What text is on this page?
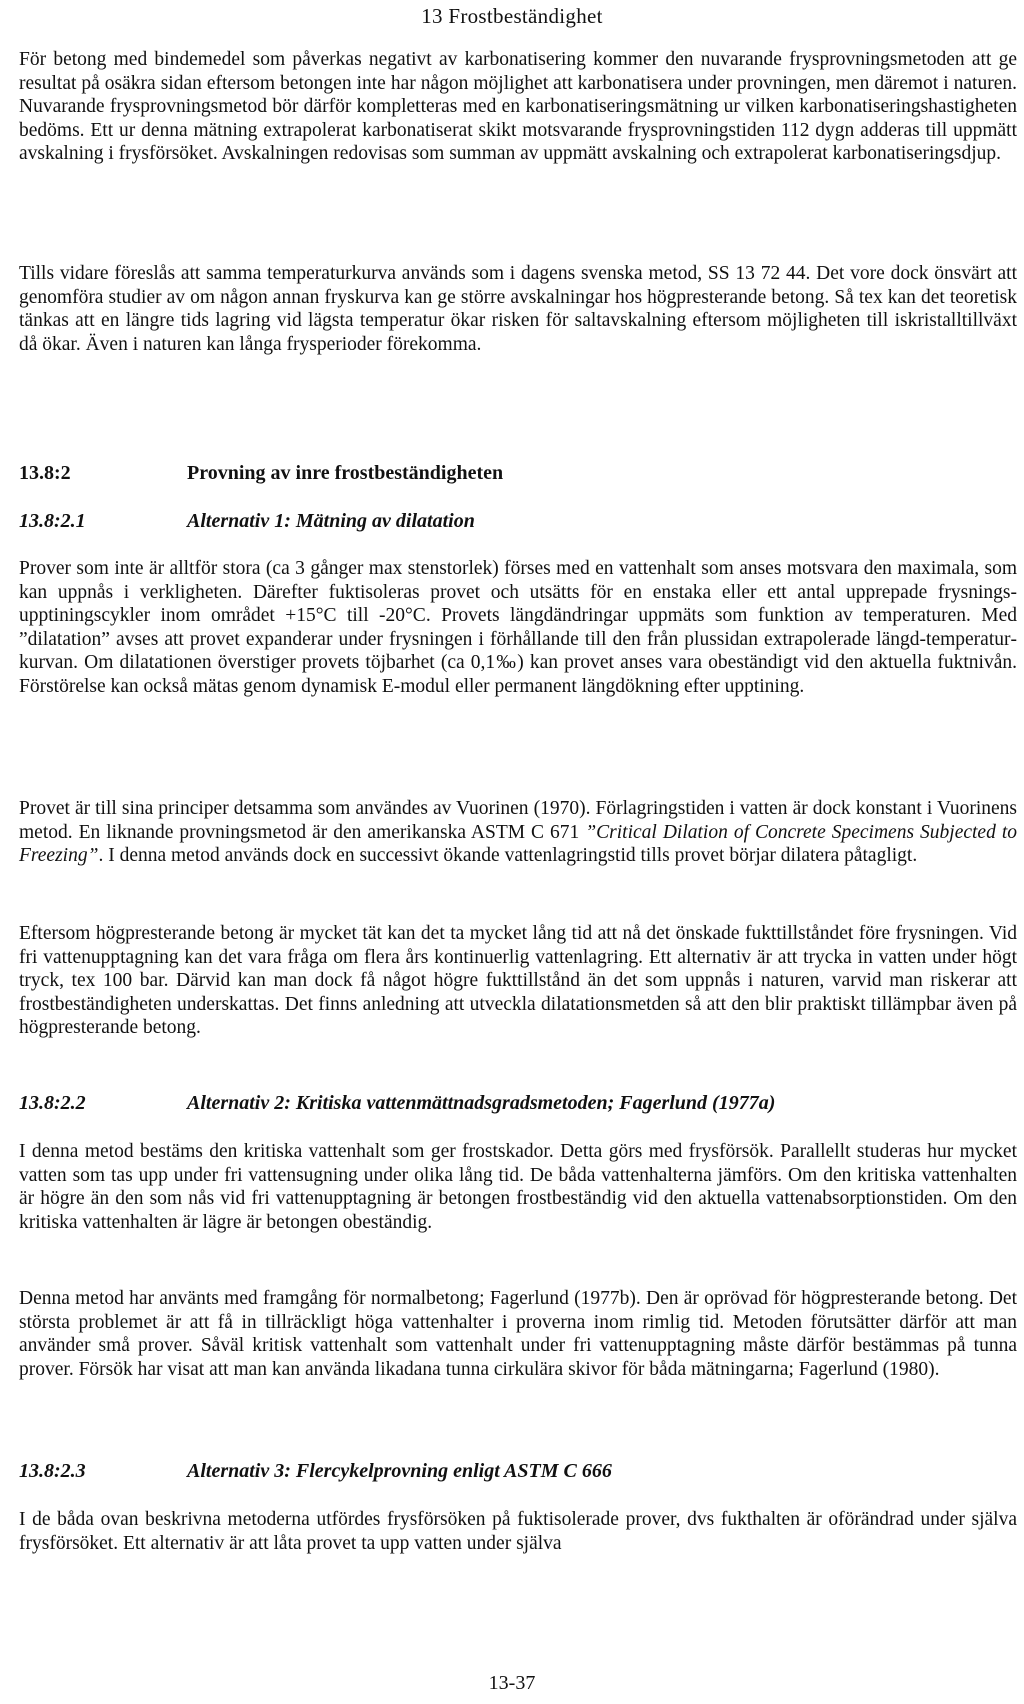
13 Frostbeständighet

För betong med bindemedel som påverkas negativt av karbonatisering kommer den nuvarande frysprovningsmetoden att ge resultat på osäkra sidan eftersom betongen inte har någon möjlighet att karbonatisera under provningen, men däremot i naturen. Nuvarande frysprovningsmetod bör därför kompletteras med en karbonatiseringsmätning ur vilken karbonatiseringshastigheten bedöms. Ett ur denna mätning extrapolerat karbonatiserat skikt motsvarande frysprovningstiden 112 dygn adderas till uppmätt avskalning i frysförsöket. Avskalningen redovisas som summan av uppmätt avskalning och extrapolerat karbonatiseringsdjup.

Tills vidare föreslås att samma temperaturkurva används som i dagens svenska metod, SS 13 72 44. Det vore dock önsvärt att genomföra studier av om någon annan fryskurva kan ge större avskalningar hos högpresterande betong. Så tex kan det teoretisk tänkas att en längre tids lagring vid lägsta temperatur ökar risken för saltavskalning eftersom möjligheten till iskristalltillväxt då ökar. Även i naturen kan långa frysperioder förekomma.

13.8:2	Provning av inre frostbeständigheten
13.8:2.1	Alternativ 1: Mätning av dilatation

Prover som inte är alltför stora (ca 3 gånger max stenstorlek) förses med en vattenhalt som anses motsvara den maximala, som kan uppnås i verkligheten. Därefter fuktisoleras provet och utsätts för en enstaka eller ett antal upprepade frysnings-upptiningscykler inom området +15°C till -20°C. Provets längdändringar uppmäts som funktion av temperaturen. Med ”dilatation” avses att provet expanderar under frysningen i förhållande till den från plussidan extrapolerade längd-temperaturkurvan. Om dilatationen överstiger provets töjbarhet (ca 0,1‰) kan provet anses vara obeständigt vid den aktuella fuktnivån. Förstörelse kan också mätas genom dynamisk E-modul eller permanent längdökning efter upptining.

Provet är till sina principer detsamma som användes av Vuorinen (1970). Förlagringstiden i vatten är dock konstant i Vuorinens metod. En liknande provningsmetod är den amerikanska ASTM C 671 ”Critical Dilation of Concrete Specimens Subjected to Freezing”. I denna metod används dock en successivt ökande vattenlagringstid tills provet börjar dilatera påtagligt.

Eftersom högpresterande betong är mycket tät kan det ta mycket lång tid att nå det önskade fukttillståndet före frysningen. Vid fri vattenupptagning kan det vara fråga om flera års kontinuerlig vattenlagring. Ett alternativ är att trycka in vatten under högt tryck, tex 100 bar. Därvid kan man dock få något högre fukttillstånd än det som uppnås i naturen, varvid man riskerar att frostbeständigheten underskattas. Det finns anledning att utveckla dilatationsmetden så att den blir praktiskt tillämpbar även på högpresterande betong.

13.8:2.2	Alternativ 2: Kritiska vattenmättnadsgradsmetoden; Fagerlund (1977a)

I denna metod bestäms den kritiska vattenhalt som ger frostskador. Detta görs med frysförsök. Parallellt studeras hur mycket vatten som tas upp under fri vattensugning under olika lång tid. De båda vattenhalterna jämförs. Om den kritiska vattenhalten är högre än den som nås vid fri vattenupptagning är betongen frostbeständig vid den aktuella vattenabsorptionstiden. Om den kritiska vattenhalten är lägre är betongen obeständig.

Denna metod har använts med framgång för normalbetong; Fagerlund (1977b). Den är oprövad för högpresterande betong. Det största problemet är att få in tillräckligt höga vattenhalter i proverna inom rimlig tid. Metoden förutsätter därför att man använder små prover. Såväl kritisk vattenhalt som vattenhalt under fri vattenupptagning måste därför bestämmas på tunna prover. Försök har visat att man kan använda likadana tunna cirkulära skivor för båda mätningarna; Fagerlund (1980).

13.8:2.3	Alternativ 3: Flercykelprovning enligt ASTM C 666

I de båda ovan beskrivna metoderna utfördes frysförsöken på fuktisolerade prover, dvs fukthalten är oförändrad under själva frysförsöket. Ett alternativ är att låta provet ta upp vatten under själva

13-37
